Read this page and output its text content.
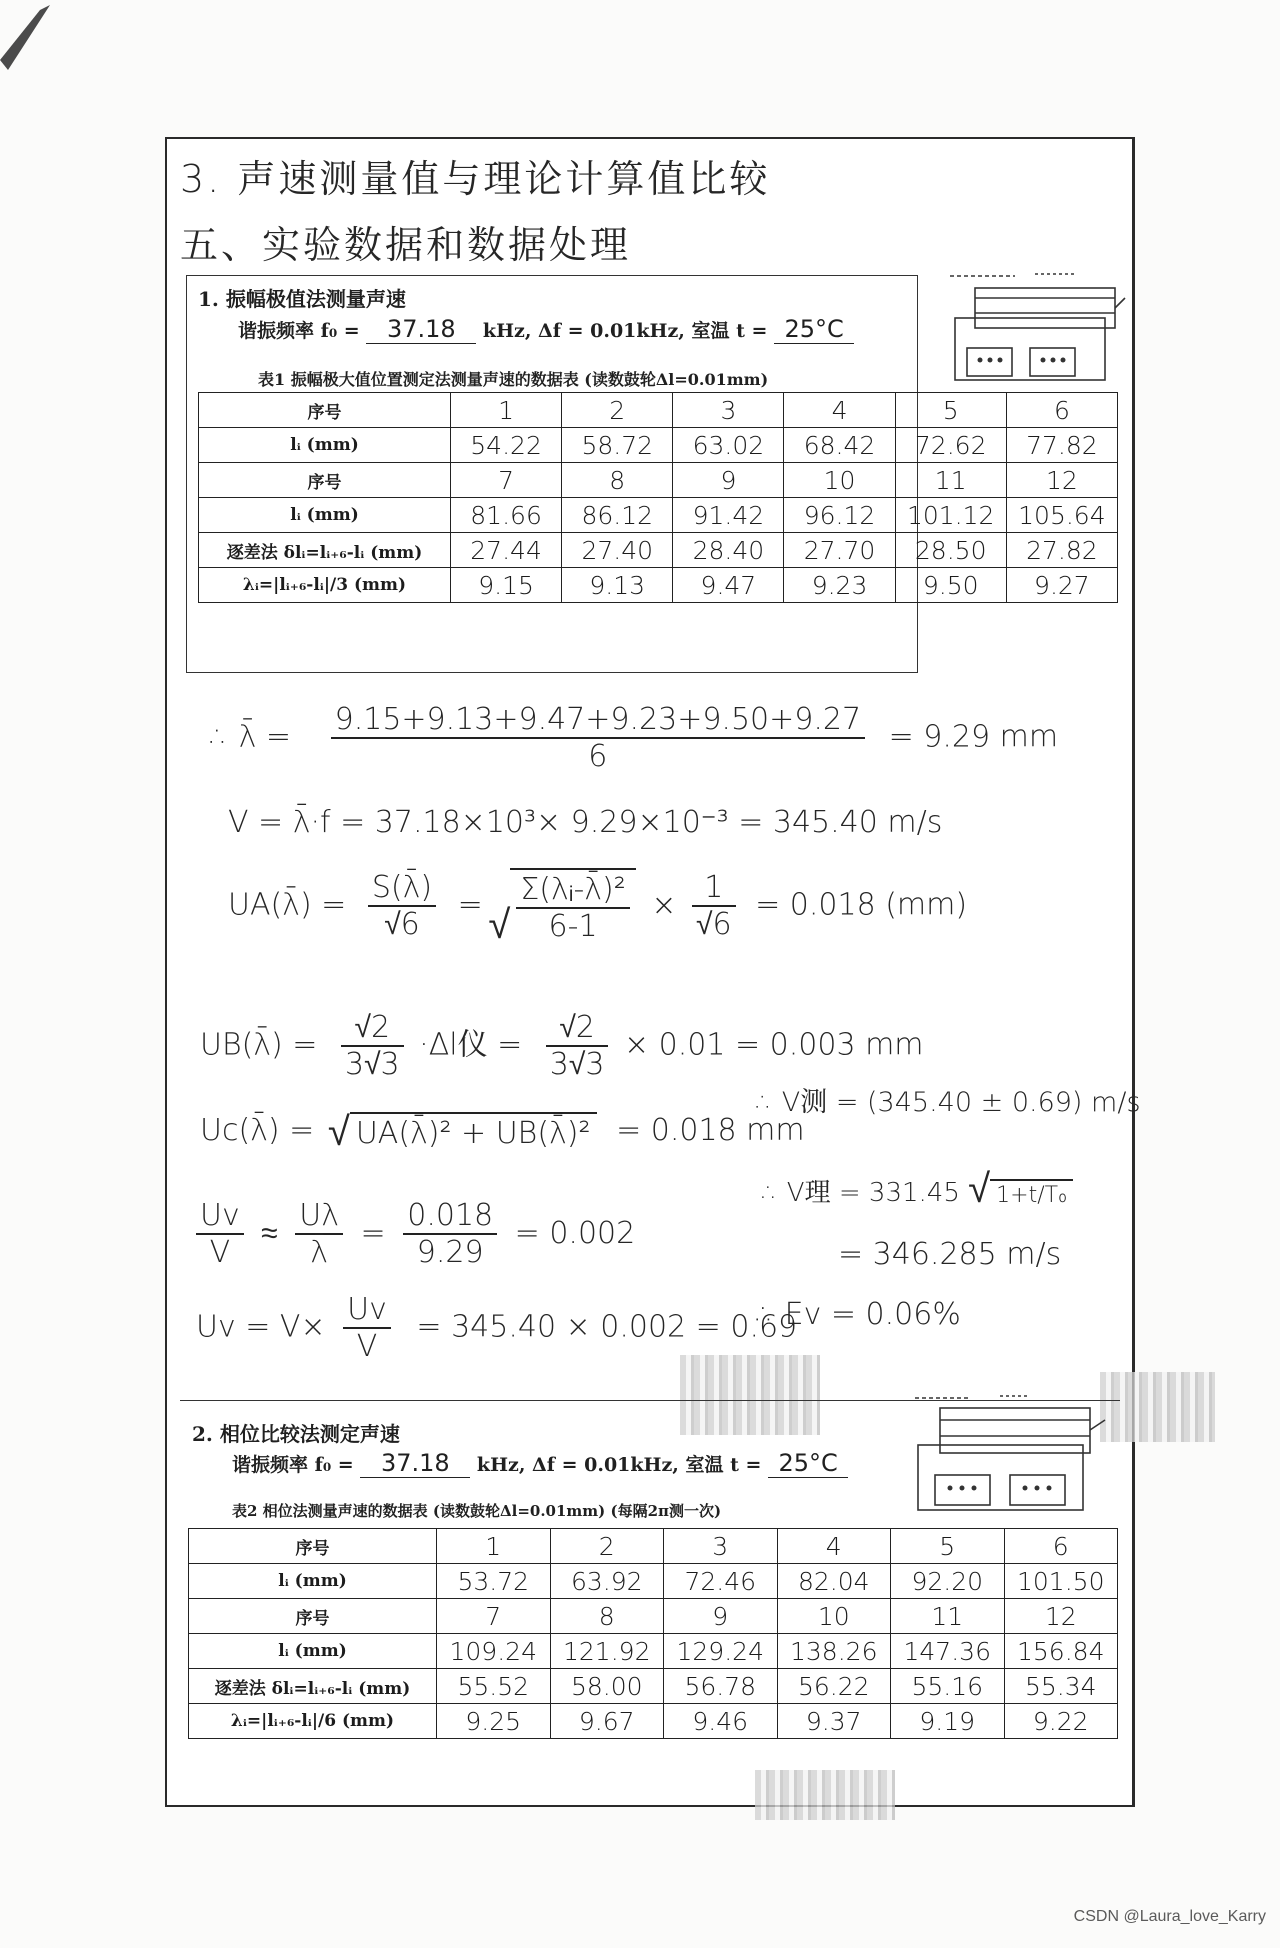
3. 声速测量值与理论计算值比较
五、实验数据和数据处理
1. 振幅极值法测量声速
谐振频率 f₀ = 37.18 kHz, Δf = 0.01kHz, 室温 t = 25°C
表1 振幅极大值位置测定法测量声速的数据表 (读数鼓轮Δl=0.01mm)
序号	1	2	3	4	5	6
lᵢ (mm)	54.22	58.72	63.02	68.42	72.62	77.82
序号	7	8	9	10	11	12
lᵢ (mm)	81.66	86.12	91.42	96.12	101.12	105.64
逐差法 δlᵢ=lᵢ₊₆-lᵢ (mm)	27.44	27.40	28.40	27.70	28.50	27.82
λᵢ=|lᵢ₊₆-lᵢ|/3 (mm)	9.15	9.13	9.47	9.23	9.50	9.27
∴ λ̄ = $\frac{9.15+9.13+9.47+9.23+9.50+9.27}{6} = 9.29$ mm
V = λ̄·f = 37.18×10³× 9.29×10⁻³ = 345.40 m/s
UA(λ̄) = $\frac{S(\lambdā)}{√6}$ = √ $\frac{\text{Σ(λᵢ-λ̄)²}}{6-1} \times \frac{1}{√6} = 0.018$ (mm)
UB(λ̄) = $\frac{√2}{3√3} \cdot\Delta l$仪 = $\frac{√2}{3√3} \times 0.01 = 0.003$ mm
∴ V测 = (345.40 ± 0.69) m/s
Uc(λ̄) = √ UA(λ̄)² + UB(λ̄)² = 0.018 mm
∴ V理 = 331.45 √ 1+t/T₀
$\frac{Uv}{V} \approx \frac{U\lambda}{\lambdā} = \frac{0.018}{9.29} = 0.002$
= 346.285 m/s
$Uv = V\times \frac{Uv}{V} = 345.40 \times 0.002 = 0.69$
∴ Ev = 0.06%
2. 相位比较法测定声速
谐振频率 f₀ = 37.18 kHz, Δf = 0.01kHz, 室温 t = 25°C
表2 相位法测量声速的数据表 (读数鼓轮Δl=0.01mm) (每隔2π测一次)
序号	1	2	3	4	5	6
lᵢ (mm)	53.72	63.92	72.46	82.04	92.20	101.50
序号	7	8	9	10	11	12
lᵢ (mm)	109.24	121.92	129.24	138.26	147.36	156.84
逐差法 δlᵢ=lᵢ₊₆-lᵢ (mm)	55.52	58.00	56.78	56.22	55.16	55.34
λᵢ=|lᵢ₊₆-lᵢ|/6 (mm)	9.25	9.67	9.46	9.37	9.19	9.22
CSDN @Laura_love_Karry
